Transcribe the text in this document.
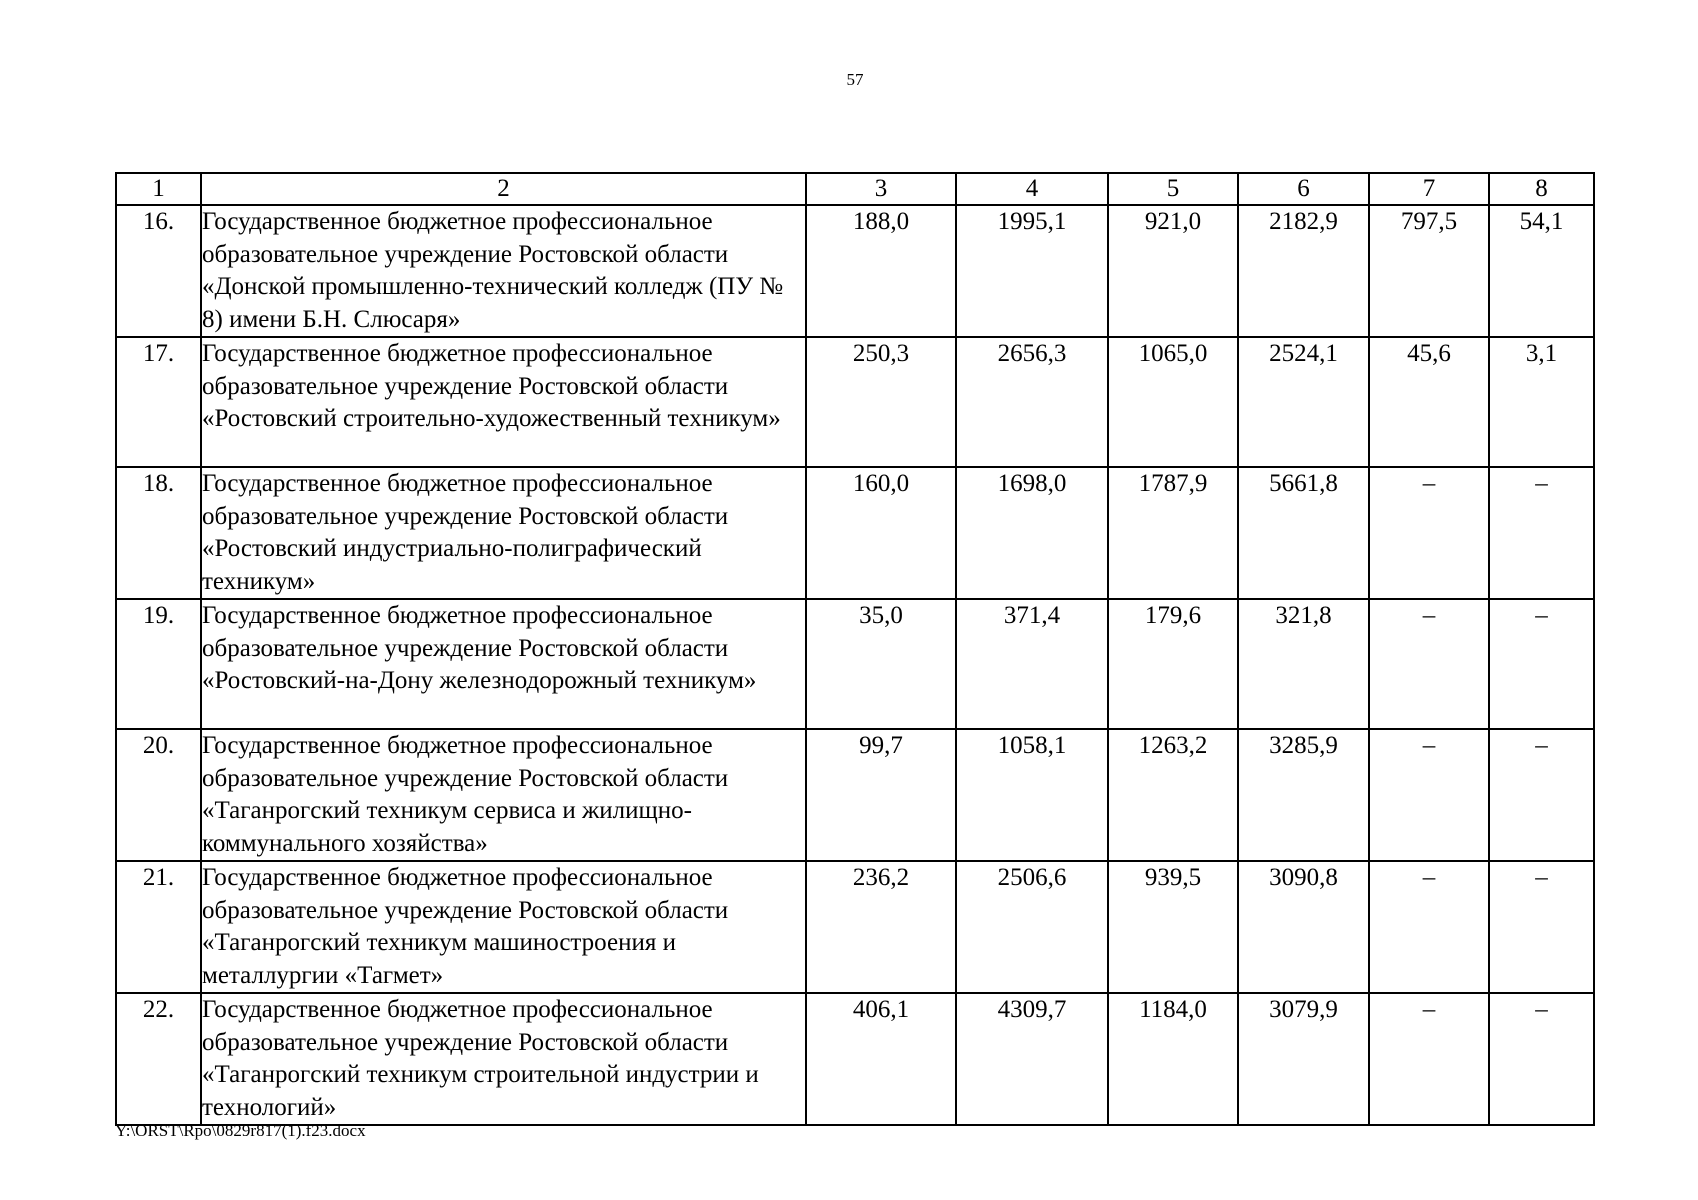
57
1	2	3	4	5	6	7	8
16.	Государственное бюджетное профессиональное образовательное учреждение Ростовской области «Донской промышленно-технический колледж (ПУ № 8) имени Б.Н. Слюсаря»	188,0	1995,1	921,0	2182,9	797,5	54,1
17.	Государственное бюджетное профессиональное образовательное учреждение Ростовской области «Ростовский строительно-художественный техникум»	250,3	2656,3	1065,0	2524,1	45,6	3,1
18.	Государственное бюджетное профессиональное образовательное учреждение Ростовской области «Ростовский индустриально-полиграфический техникум»	160,0	1698,0	1787,9	5661,8	–	–
19.	Государственное бюджетное профессиональное образовательное учреждение Ростовской области «Ростовский-на-Дону железнодорожный техникум»	35,0	371,4	179,6	321,8	–	–
20.	Государственное бюджетное профессиональное образовательное учреждение Ростовской области «Таганрогский техникум сервиса и жилищно-коммунального хозяйства»	99,7	1058,1	1263,2	3285,9	–	–
21.	Государственное бюджетное профессиональное образовательное учреждение Ростовской области «Таганрогский техникум машиностроения и металлургии «Тагмет»	236,2	2506,6	939,5	3090,8	–	–
22.	Государственное бюджетное профессиональное образовательное учреждение Ростовской области «Таганрогский техникум строительной индустрии и технологий»	406,1	4309,7	1184,0	3079,9	–	–
Y:\ORST\Rpo\0829r817(1).f23.docx
